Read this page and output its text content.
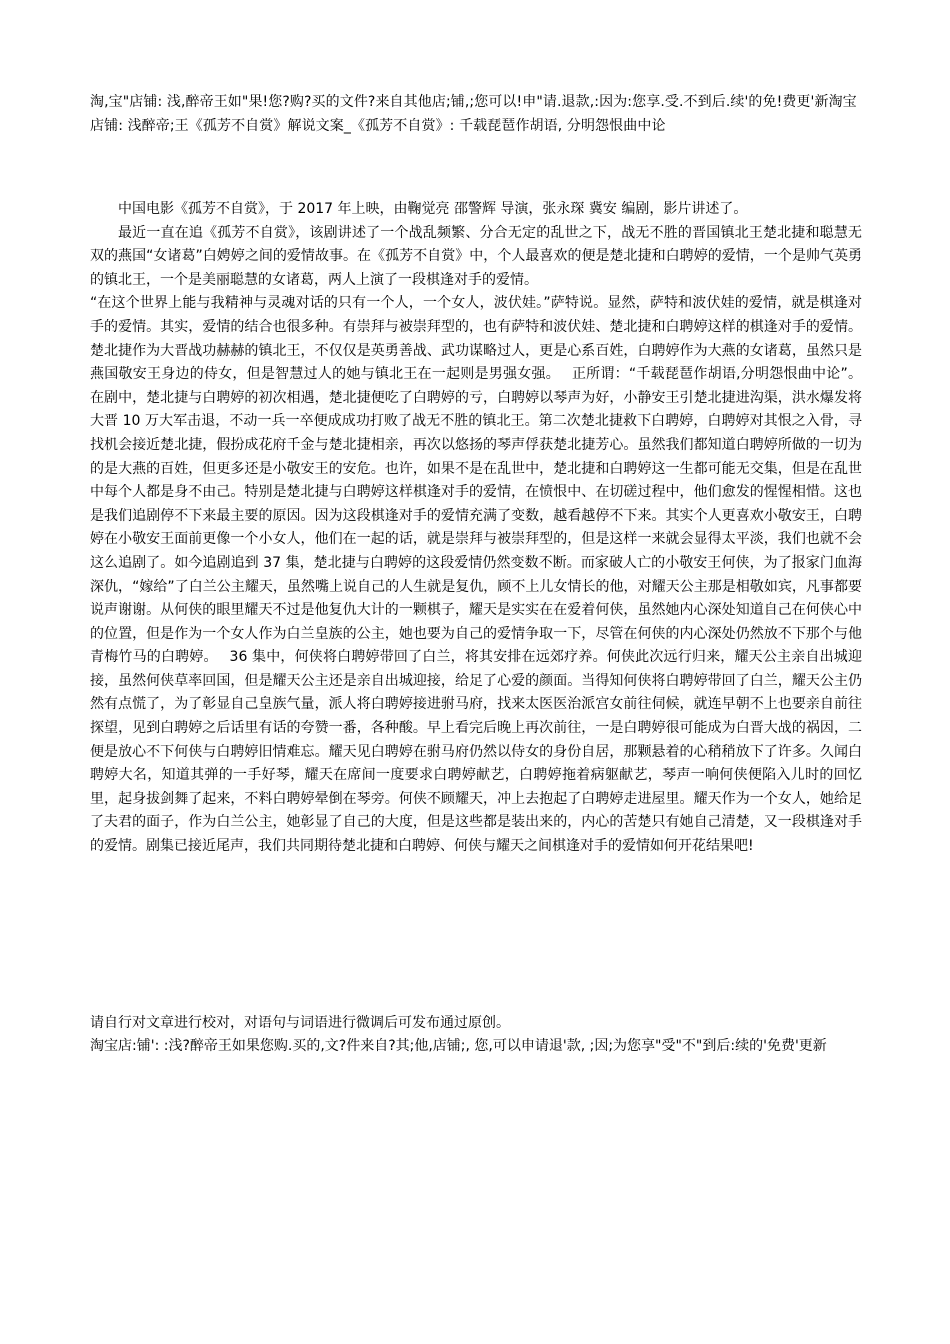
淘,宝"店铺: 浅,醉帝王如"果!您?购?买的文件?来自其他店;铺,;您可以!申"请.退款,:因为:您享.受.不到后.续'的免!费更'新淘宝店铺: 浅醉帝;王《孤芳不自赏》解说文案_《孤芳不自赏》: 千载琵琶作胡语, 分明怨恨曲中论

中国电影《孤芳不自赏》，于 2017 年上映，由鞠觉亮 邵警辉 导演，张永琛 冀安 编剧，影片讲述了。

最近一直在追《孤芳不自赏》，该剧讲述了一个战乱频繁、分合无定的乱世之下，战无不胜的晋国镇北王楚北捷和聪慧无双的燕国“女诸葛”白娉婷之间的爱情故事。在《孤芳不自赏》中，个人最喜欢的便是楚北捷和白聘婷的爱情，一个是帅气英勇的镇北王，一个是美丽聪慧的女诸葛，两人上演了一段棋逢对手的爱情。

“在这个世界上能与我精神与灵魂对话的只有一个人，一个女人，波伏娃。”萨特说。显然，萨特和波伏娃的爱情，就是棋逢对手的爱情。其实，爱情的结合也很多种。有崇拜与被崇拜型的，也有萨特和波伏娃、楚北捷和白聘婷这样的棋逢对手的爱情。楚北捷作为大晋战功赫赫的镇北王，不仅仅是英勇善战、武功谋略过人，更是心系百姓，白聘婷作为大燕的女诸葛，虽然只是燕国敬安王身边的侍女，但是智慧过人的她与镇北王在一起则是男强女强。　 正所谓：“千载琵琶作胡语,分明怨恨曲中论”。在剧中，楚北捷与白聘婷的初次相遇，楚北捷便吃了白聘婷的亏，白聘婷以琴声为好，小静安王引楚北捷进沟渠，洪水爆发将大晋 10 万大军击退，不动一兵一卒便成成功打败了战无不胜的镇北王。第二次楚北捷救下白聘婷，白聘婷对其恨之入骨，寻找机会接近楚北捷，假扮成花府千金与楚北捷相亲，再次以悠扬的琴声俘获楚北捷芳心。虽然我们都知道白聘婷所做的一切为的是大燕的百姓，但更多还是小敬安王的安危。也许，如果不是在乱世中，楚北捷和白聘婷这一生都可能无交集，但是在乱世中每个人都是身不由己。特别是楚北捷与白聘婷这样棋逢对手的爱情，在愤恨中、在切磋过程中，他们愈发的惺惺相惜。这也是我们追剧停不下来最主要的原因。因为这段棋逢对手的爱情充满了变数，越看越停不下来。其实个人更喜欢小敬安王，白聘婷在小敬安王面前更像一个小女人，他们在一起的话，就是崇拜与被崇拜型的，但是这样一来就会显得太平淡，我们也就不会这么追剧了。如今追剧追到 37 集，楚北捷与白聘婷的这段爱情仍然变数不断。而家破人亡的小敬安王何侠，为了报家门血海深仇，“嫁给”了白兰公主耀天，虽然嘴上说自己的人生就是复仇，顾不上儿女情长的他，对耀天公主那是相敬如宾，凡事都要说声谢谢。从何侠的眼里耀天不过是他复仇大计的一颗棋子，耀天是实实在在爱着何侠，虽然她内心深处知道自己在何侠心中的位置，但是作为一个女人作为白兰皇族的公主，她也要为自己的爱情争取一下，尽管在何侠的内心深处仍然放不下那个与他青梅竹马的白聘婷。　 36 集中，何侠将白聘婷带回了白兰，将其安排在远郊疗养。何侠此次远行归来，耀天公主亲自出城迎接，虽然何侠草率回国，但是耀天公主还是亲自出城迎接，给足了心爱的颜面。当得知何侠将白聘婷带回了白兰，耀天公主仍然有点慌了，为了彰显自己皇族气量，派人将白聘婷接进驸马府，找来太医医治派宫女前往伺候，就连早朝不上也要亲自前往探望，见到白聘婷之后话里有话的夸赞一番，各种酸。早上看完后晚上再次前往，一是白聘婷很可能成为白晋大战的祸因，二便是放心不下何侠与白聘婷旧情难忘。耀天见白聘婷在驸马府仍然以侍女的身份自居，那颗悬着的心稍稍放下了许多。久闻白聘婷大名，知道其弹的一手好琴，耀天在席间一度要求白聘婷献艺，白聘婷拖着病躯献艺，琴声一响何侠便陷入儿时的回忆里，起身拔剑舞了起来，不料白聘婷晕倒在琴旁。何侠不顾耀天，冲上去抱起了白聘婷走进屋里。耀天作为一个女人，她给足了夫君的面子，作为白兰公主，她彰显了自己的大度，但是这些都是装出来的，内心的苦楚只有她自己清楚，又一段棋逢对手的爱情。剧集已接近尾声，我们共同期待楚北捷和白聘婷、何侠与耀天之间棋逢对手的爱情如何开花结果吧!

请自行对文章进行校对，对语句与词语进行微调后可发布通过原创。

淘宝店:铺': :浅?醉帝王如果您购.买的,文?件来自?其;他,店铺;, 您,可以申请退'款, ;因;为您享"受"不"到后:续的'免费'更新
